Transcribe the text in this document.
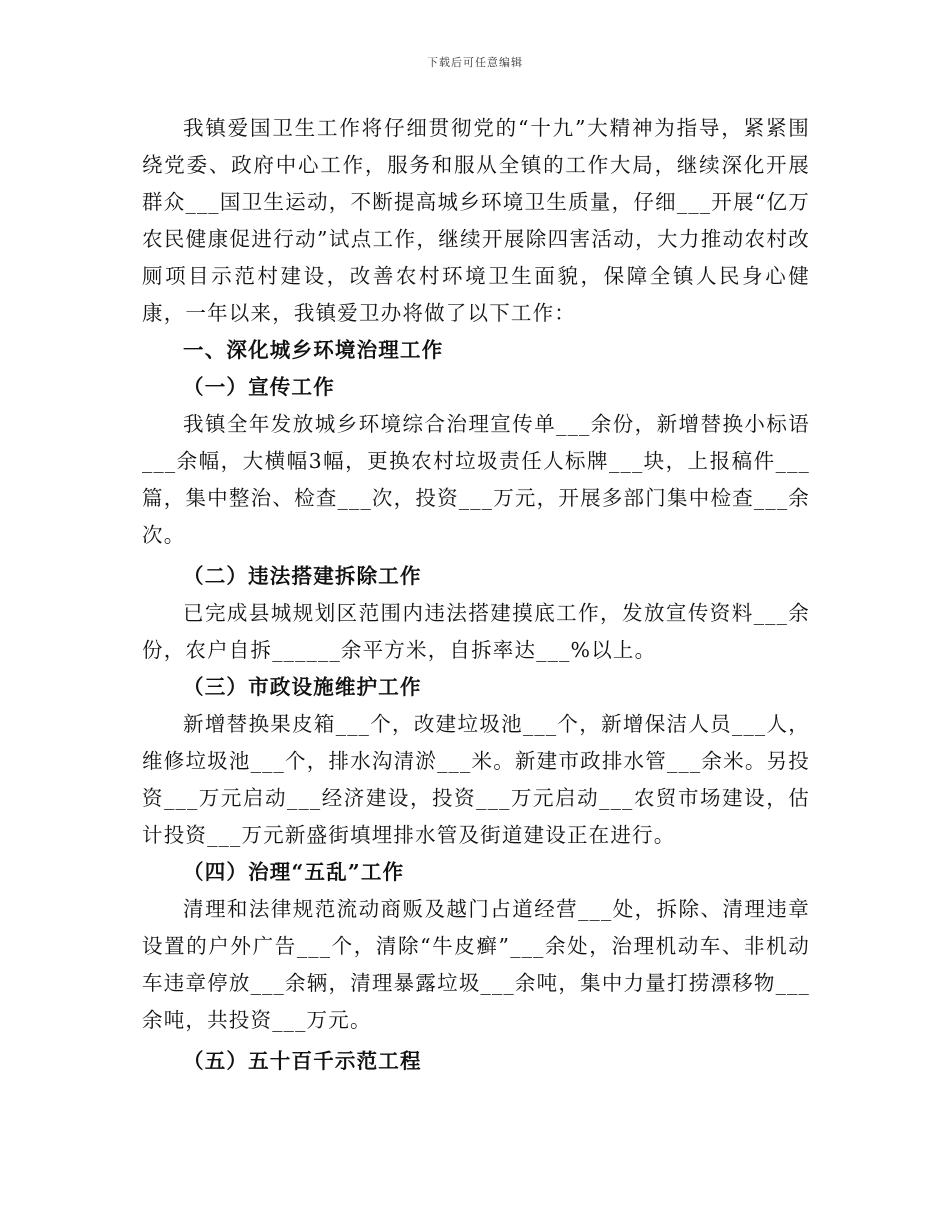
下载后可任意编辑

我镇爱国卫生工作将仔细贯彻党的“十九”大精神为指导，紧紧围绕党委、政府中心工作，服务和服从全镇的工作大局，继续深化开展群众___国卫生运动，不断提高城乡环境卫生质量，仔细___开展“亿万农民健康促进行动”试点工作，继续开展除四害活动，大力推动农村改厕项目示范村建设，改善农村环境卫生面貌，保障全镇人民身心健康，一年以来，我镇爱卫办将做了以下工作：

一、深化城乡环境治理工作
（一）宣传工作

我镇全年发放城乡环境综合治理宣传单___余份，新增替换小标语___余幅，大横幅3幅，更换农村垃圾责任人标牌___块，上报稿件___篇，集中整治、检查___次，投资___万元，开展多部门集中检查___余次。

（二）违法搭建拆除工作

已完成县城规划区范围内违法搭建摸底工作，发放宣传资料___余份，农户自拆______余平方米，自拆率达___%以上。

（三）市政设施维护工作

新增替换果皮箱___个，改建垃圾池___个，新增保洁人员___人，维修垃圾池___个，排水沟清淤___米。新建市政排水管___余米。另投资___万元启动___经济建设，投资___万元启动___农贸市场建设，估计投资___万元新盛街填埋排水管及街道建设正在进行。

（四）治理“五乱”工作

清理和法律规范流动商贩及越门占道经营___处，拆除、清理违章设置的户外广告___个，清除“牛皮癣”___余处，治理机动车、非机动车违章停放___余辆，清理暴露垃圾___余吨，集中力量打捞漂移物___余吨，共投资___万元。

（五）五十百千示范工程
